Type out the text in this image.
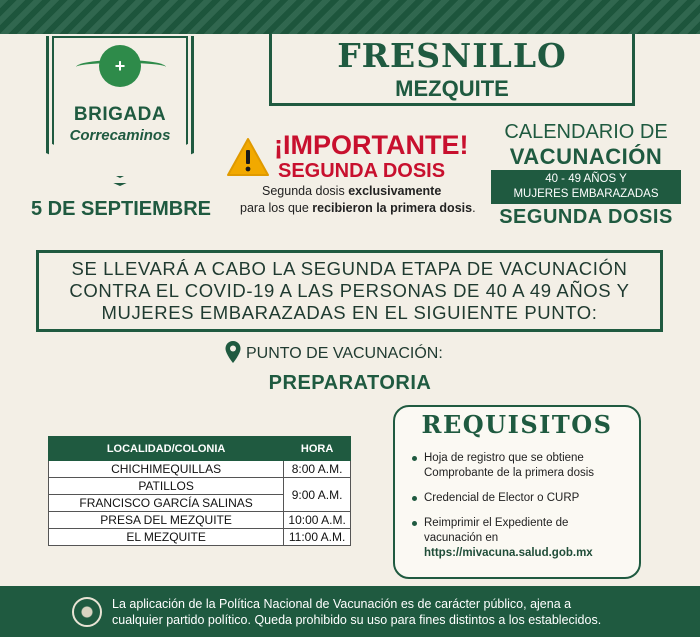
+
BRIGADA
Correcaminos
5 DE SEPTIEMBRE
FRESNILLO
MEZQUITE
¡IMPORTANTE!
SEGUNDA DOSIS
Segunda dosis exclusivamente
para los que recibieron la primera dosis.
CALENDARIO DE
VACUNACIÓN
40 - 49 AÑOS Y
MUJERES EMBARAZADAS
SEGUNDA DOSIS
SE LLEVARÁ A CABO LA SEGUNDA ETAPA DE VACUNACIÓN
CONTRA EL COVID-19 A LAS PERSONAS DE 40 A 49 AÑOS Y
MUJERES EMBARAZADAS EN EL SIGUIENTE PUNTO:
PUNTO DE VACUNACIÓN:
PREPARATORIA
LOCALIDAD/COLONIA	HORA
CHICHIMEQUILLAS	8:00 A.M.
PATILLOS	9:00 A.M.
FRANCISCO GARCÍA SALINAS	
PRESA DEL MEZQUITE	10:00 A.M.
EL MEZQUITE	11:00 A.M.
REQUISITOS
Hoja de registro que se obtiene Comprobante de la primera dosis
Credencial de Elector o CURP
Reimprimir el Expediente de vacunación en
https://mivacuna.salud.gob.mx
La aplicación de la Política Nacional de Vacunación es de carácter público, ajena a
cualquier partido político. Queda prohibido su uso para fines distintos a los establecidos.
